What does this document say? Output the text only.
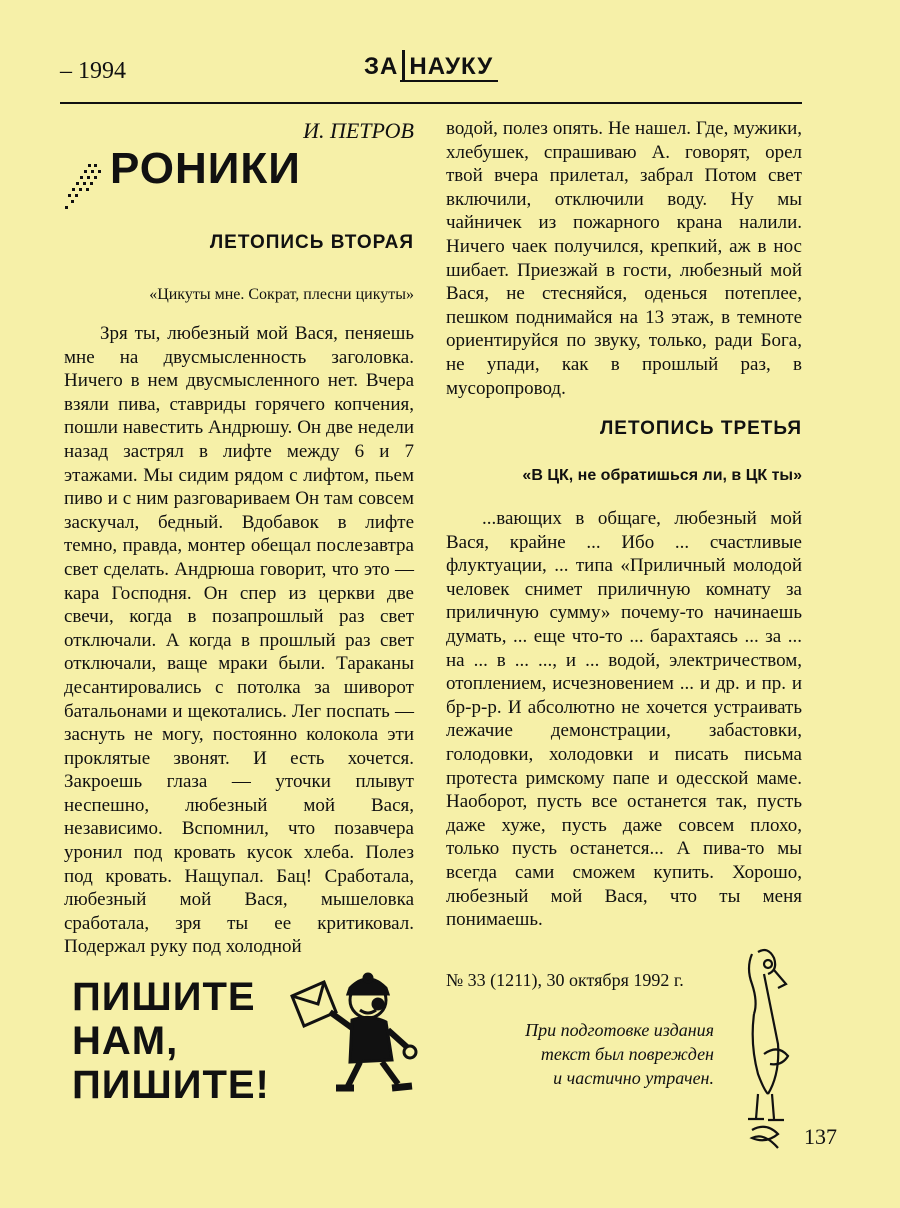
– 1994	ЗА НАУКУ
И. ПЕТРОВ
РОНИКИ
ЛЕТОПИСЬ ВТОРАЯ
«Цикуты мне. Сократ, плесни цикуты»

Зря ты, любезный мой Вася, пеняешь мне на двусмысленность заголовка. Ничего в нем двусмысленного нет. Вчера взяли пива, ставриды горячего копчения, пошли навестить Андрюшу. Он две недели назад застрял в лифте между 6 и 7 этажами. Мы сидим рядом с лифтом, пьем пиво и с ним разговариваем Он там совсем заскучал, бедный. Вдобавок в лифте темно, правда, монтер обещал послезавтра свет сделать. Андрюша говорит, что это — кара Господня. Он спер из церкви две свечи, когда в позапрошлый раз свет отключали. А когда в прошлый раз свет отключали, ваще мраки были. Тараканы десантировались с потолка за шиворот батальонами и щекотались. Лег поспать — заснуть не могу, постоянно колокола эти проклятые звонят. И есть хочется. Закроешь глаза — уточки плывут неспешно, любезный мой Вася, независимо. Вспомнил, что позавчера уронил под кровать кусок хлеба. Полез под кровать. Нащупал. Бац! Сработала, любезный мой Вася, мышеловка сработала, зря ты ее критиковал. Подержал руку под холодной

водой, полез опять. Не нашел. Где, мужики, хлебушек, спрашиваю А. говорят, орел твой вчера прилетал, забрал Потом свет включили, отключили воду. Ну мы чайничек из пожарного крана налили. Ничего чаек получился, крепкий, аж в нос шибает. Приезжай в гости, любезный мой Вася, не стесняйся, оденься потеплее, пешком поднимайся на 13 этаж, в темноте ориентируйся по звуку, только, ради Бога, не упади, как в прошлый раз, в мусоропровод.

ЛЕТОПИСЬ ТРЕТЬЯ
«В ЦК, не обратишься ли, в ЦК ты»

...вающих в общаге, любезный мой Вася, крайне ... Ибо ... счастливые флуктуации, ... типа «Приличный молодой человек снимет приличную комнату за приличную сумму» почему-то начинаешь думать, ... еще что-то ... барахтаясь ... за ... на ... в ... ..., и ... водой, электричеством, отоплением, исчезновением ... и др. и пр. и бр-р-р. И абсолютно не хочется устраивать лежачие демонстрации, забастовки, голодовки, холодовки и писать письма протеста римскому папе и одесской маме. Наоборот, пусть все останется так, пусть даже хуже, пусть даже совсем плохо, только пусть останется... А пива-то мы всегда сами сможем купить. Хорошо, любезный мой Вася, что ты меня понимаешь.

№ 33 (1211), 30 октября 1992 г.
При подготовке издания
текст был поврежден
и частично утрачен.
ПИШИТЕ
НАМ,
ПИШИТЕ!
137
